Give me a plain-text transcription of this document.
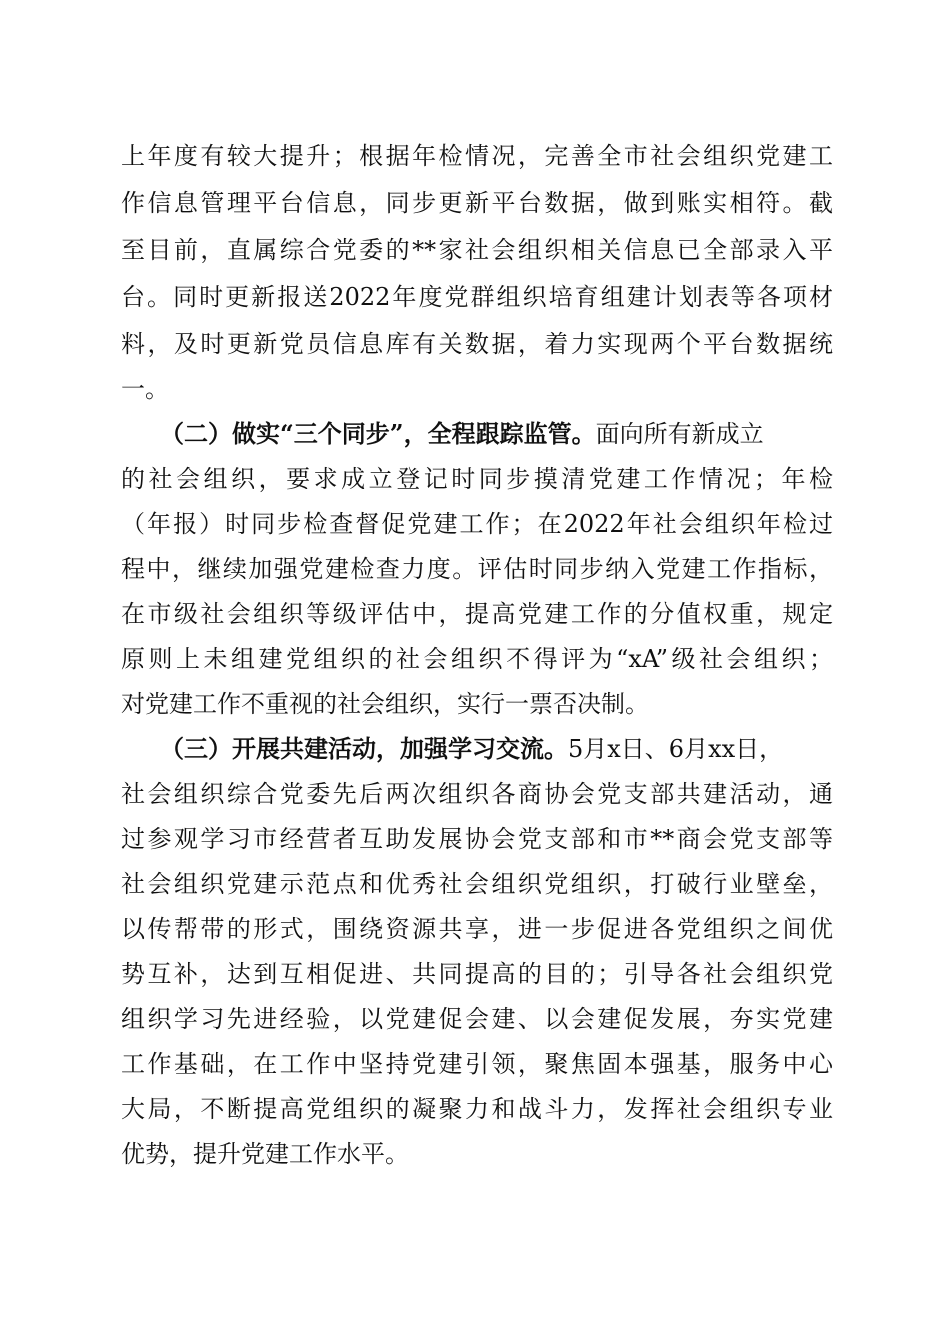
上年度有较大提升；根据年检情况，完善全市社会组织党建工
作信息管理平台信息，同步更新平台数据，做到账实相符。截
至目前，直属综合党委的**家社会组织相关信息已全部录入平
台。同时更新报送2022年度党群组织培育组建计划表等各项材
料，及时更新党员信息库有关数据，着力实现两个平台数据统
一。
（二）做实“三个同步”，全程跟踪监管。面向所有新成立
的社会组织，要求成立登记时同步摸清党建工作情况；年检
（年报）时同步检查督促党建工作；在2022年社会组织年检过
程中，继续加强党建检查力度。评估时同步纳入党建工作指标，
在市级社会组织等级评估中，提高党建工作的分值权重，规定
原则上未组建党组织的社会组织不得评为“xA”级社会组织；
对党建工作不重视的社会组织，实行一票否决制。
（三）开展共建活动，加强学习交流。5月x日、6月xx日，
社会组织综合党委先后两次组织各商协会党支部共建活动，通
过参观学习市经营者互助发展协会党支部和市**商会党支部等
社会组织党建示范点和优秀社会组织党组织，打破行业壁垒，
以传帮带的形式，围绕资源共享，进一步促进各党组织之间优
势互补，达到互相促进、共同提高的目的；引导各社会组织党
组织学习先进经验，以党建促会建、以会建促发展，夯实党建
工作基础，在工作中坚持党建引领，聚焦固本强基，服务中心
大局，不断提高党组织的凝聚力和战斗力，发挥社会组织专业
优势，提升党建工作水平。
